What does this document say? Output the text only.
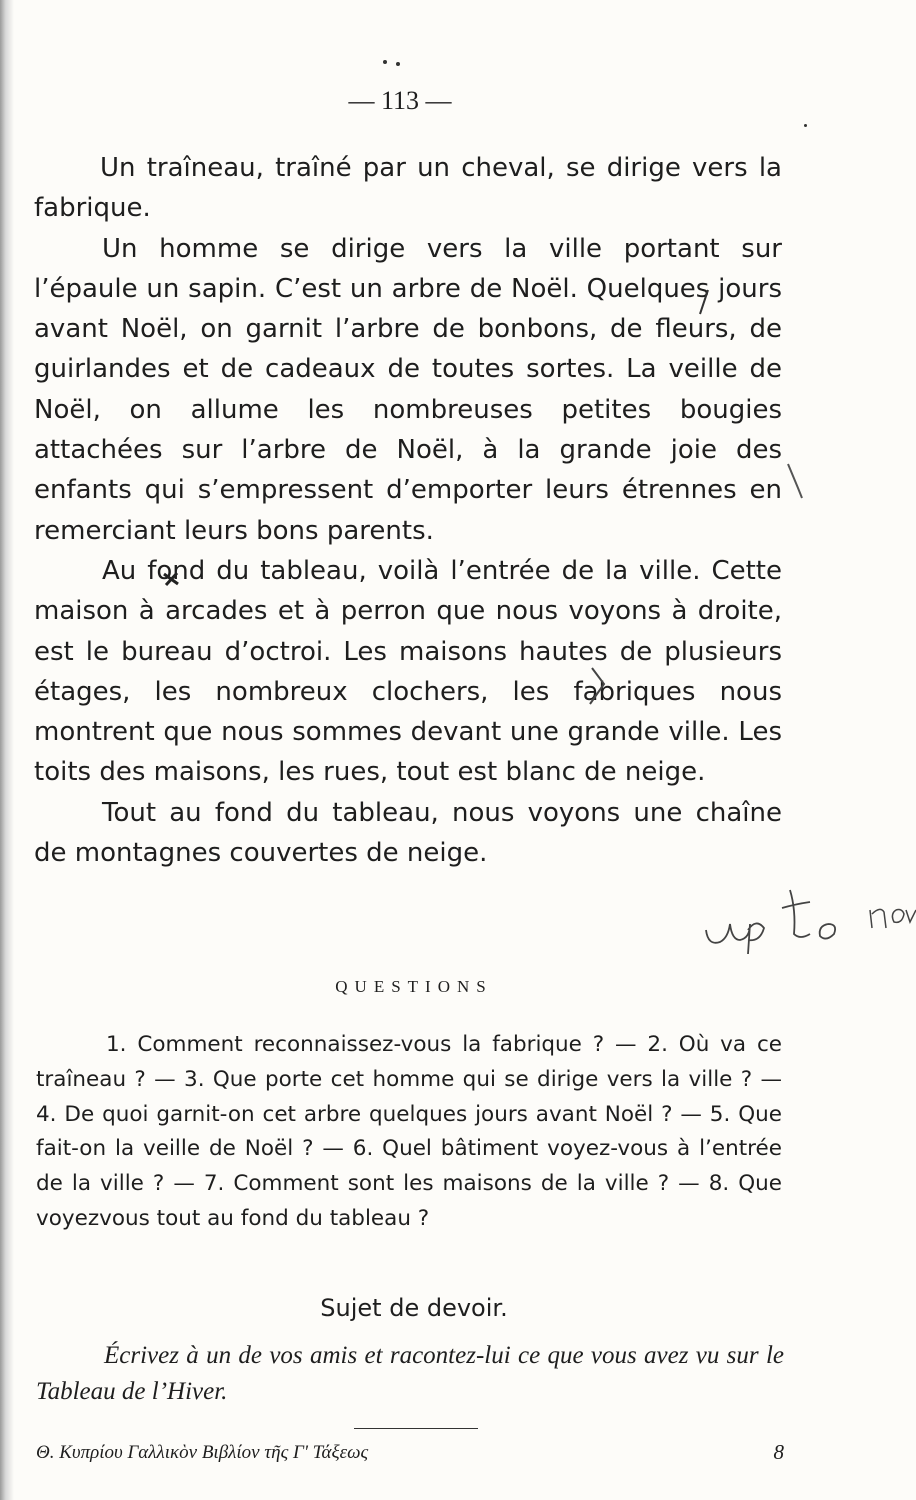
— 113 —

Un traîneau, traîné par un cheval, se dirige vers la fabrique.

Un homme se dirige vers la ville portant sur l’épaule un sapin. C’est un arbre de Noël. Quelques jours avant Noël, on garnit l’arbre de bonbons, de fleurs, de guirlandes et de cadeaux de toutes sortes. La veille de Noël, on allume les nombreuses petites bougies attachées sur l’arbre de Noël, à la grande joie des enfants qui s’empressent d’emporter leurs étrennes en remerciant leurs bons parents.

Au fond du tableau, voilà l’entrée de la ville. Cette maison à arcades et à perron que nous voyons à droite, est le bureau d’octroi. Les maisons hautes de plusieurs étages, les nombreux clochers, les fabriques nous montrent que nous sommes devant une grande ville. Les toits des maisons, les rues, tout est blanc de neige.

Tout au fond du tableau, nous voyons une chaîne de montagnes couvertes de neige.

QUESTIONS

1. Comment reconnaissez-vous la fabrique ? — 2. Où va ce traîneau ? — 3. Que porte cet homme qui se dirige vers la ville ? — 4. De quoi garnit-on cet arbre quelques jours avant Noël ? — 5. Que fait-on la veille de Noël ? — 6. Quel bâtiment voyez-vous à l’entrée de la ville ? — 7. Comment sont les maisons de la ville ? — 8. Que voyezvous tout au fond du tableau ?

Sujet de devoir.

Écrivez à un de vos amis et racontez-lui ce que vous avez vu sur le Tableau de l’Hiver.

Θ. Κυπρίου Γαλλικὸν Βιβλίον τῆς Γ' Τάξεως	8
